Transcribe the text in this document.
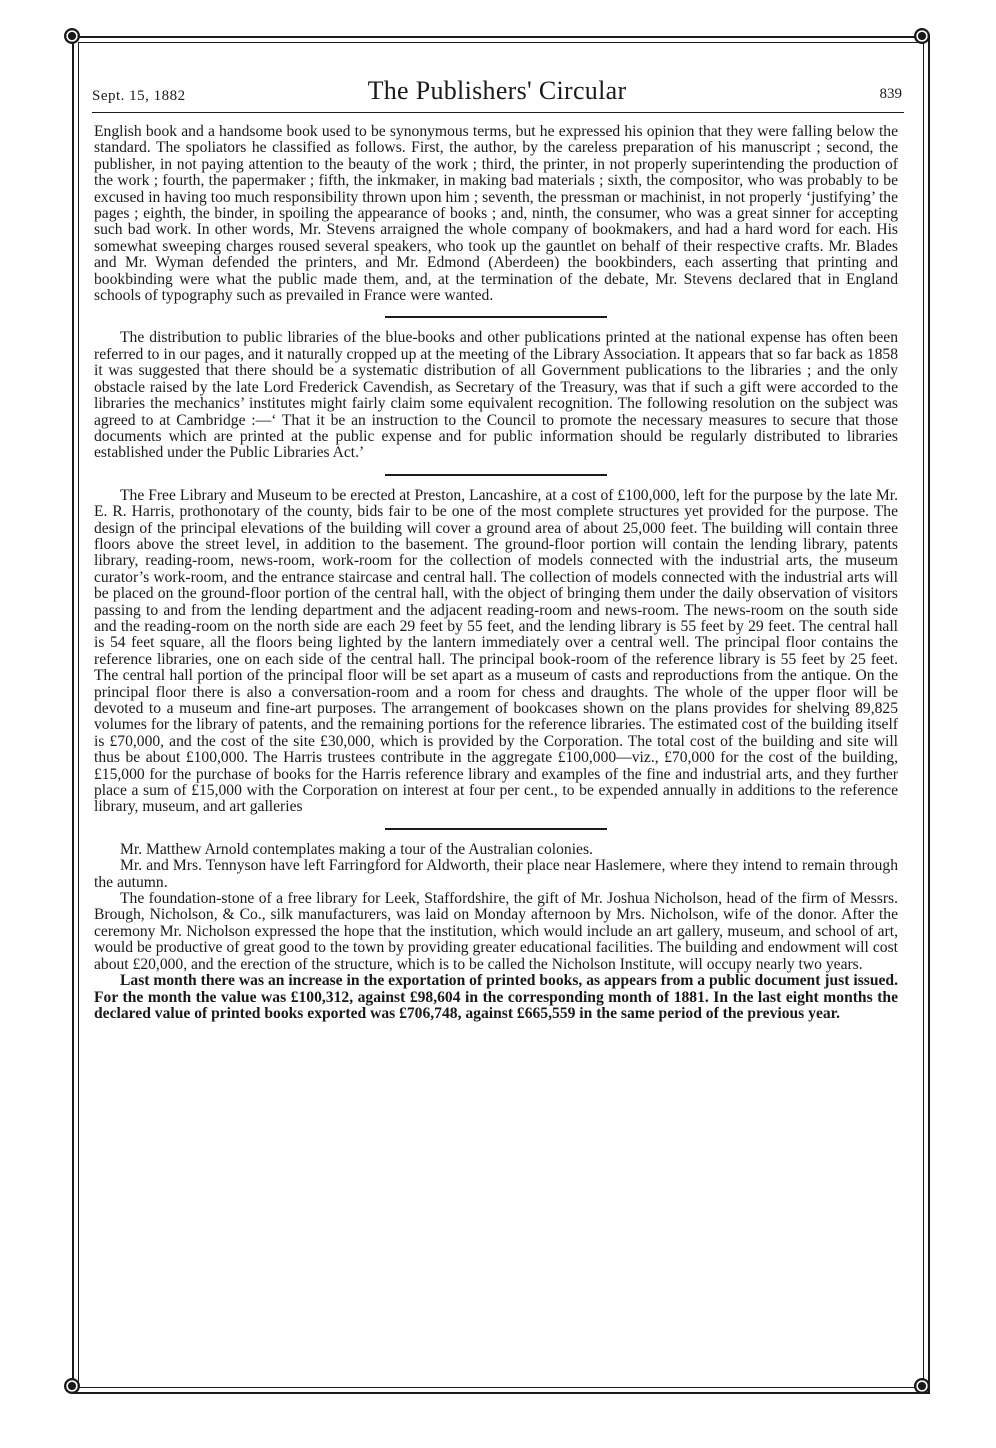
Sept. 15, 1882	The Publishers' Circular	839

English book and a handsome book used to be synonymous terms, but he expressed his opinion that they were falling below the standard. The spoliators he classified as follows. First, the author, by the careless preparation of his manuscript ; second, the publisher, in not paying attention to the beauty of the work ; third, the printer, in not properly superintending the production of the work ; fourth, the papermaker ; fifth, the inkmaker, in making bad materials ; sixth, the compositor, who was probably to be excused in having too much responsibility thrown upon him ; seventh, the pressman or machinist, in not properly ‘justifying’ the pages ; eighth, the binder, in spoiling the appearance of books ; and, ninth, the consumer, who was a great sinner for accepting such bad work. In other words, Mr. Stevens arraigned the whole company of bookmakers, and had a hard word for each. His somewhat sweeping charges roused several speakers, who took up the gauntlet on behalf of their respective crafts. Mr. Blades and Mr. Wyman defended the printers, and Mr. Edmond (Aberdeen) the bookbinders, each asserting that printing and bookbinding were what the public made them, and, at the termination of the debate, Mr. Stevens declared that in England schools of typography such as prevailed in France were wanted.

The distribution to public libraries of the blue-books and other publications printed at the national expense has often been referred to in our pages, and it naturally cropped up at the meeting of the Library Association. It appears that so far back as 1858 it was suggested that there should be a systematic distribution of all Government publications to the libraries ; and the only obstacle raised by the late Lord Frederick Cavendish, as Secretary of the Treasury, was that if such a gift were accorded to the libraries the mechanics’ institutes might fairly claim some equivalent recognition. The following resolution on the subject was agreed to at Cambridge :—‘ That it be an instruction to the Council to promote the necessary measures to secure that those documents which are printed at the public expense and for public information should be regularly distributed to libraries established under the Public Libraries Act.’

The Free Library and Museum to be erected at Preston, Lancashire, at a cost of £100,000, left for the purpose by the late Mr. E. R. Harris, prothonotary of the county, bids fair to be one of the most complete structures yet provided for the purpose. The design of the principal elevations of the building will cover a ground area of about 25,000 feet. The building will contain three floors above the street level, in addition to the basement. The ground-floor portion will contain the lending library, patents library, reading-room, news-room, work-room for the collection of models connected with the industrial arts, the museum curator’s work-room, and the entrance staircase and central hall. The collection of models connected with the industrial arts will be placed on the ground-floor portion of the central hall, with the object of bringing them under the daily observation of visitors passing to and from the lending department and the adjacent reading-room and news-room. The news-room on the south side and the reading-room on the north side are each 29 feet by 55 feet, and the lending library is 55 feet by 29 feet. The central hall is 54 feet square, all the floors being lighted by the lantern immediately over a central well. The principal floor contains the reference libraries, one on each side of the central hall. The principal book-room of the reference library is 55 feet by 25 feet. The central hall portion of the principal floor will be set apart as a museum of casts and reproductions from the antique. On the principal floor there is also a conversation-room and a room for chess and draughts. The whole of the upper floor will be devoted to a museum and fine-art purposes. The arrangement of bookcases shown on the plans provides for shelving 89,825 volumes for the library of patents, and the remaining portions for the reference libraries. The estimated cost of the building itself is £70,000, and the cost of the site £30,000, which is provided by the Corporation. The total cost of the building and site will thus be about £100,000. The Harris trustees contribute in the aggregate £100,000—viz., £70,000 for the cost of the building, £15,000 for the purchase of books for the Harris reference library and examples of the fine and industrial arts, and they further place a sum of £15,000 with the Corporation on interest at four per cent., to be expended annually in additions to the reference library, museum, and art galleries

Mr. Matthew Arnold contemplates making a tour of the Australian colonies.

Mr. and Mrs. Tennyson have left Farringford for Aldworth, their place near Haslemere, where they intend to remain through the autumn.

The foundation-stone of a free library for Leek, Staffordshire, the gift of Mr. Joshua Nicholson, head of the firm of Messrs. Brough, Nicholson, & Co., silk manufacturers, was laid on Monday afternoon by Mrs. Nicholson, wife of the donor. After the ceremony Mr. Nicholson expressed the hope that the institution, which would include an art gallery, museum, and school of art, would be productive of great good to the town by providing greater educational facilities. The building and endowment will cost about £20,000, and the erection of the structure, which is to be called the Nicholson Institute, will occupy nearly two years.

Last month there was an increase in the exportation of printed books, as appears from a public document just issued. For the month the value was £100,312, against £98,604 in the corresponding month of 1881. In the last eight months the declared value of printed books exported was £706,748, against £665,559 in the same period of the previous year.
